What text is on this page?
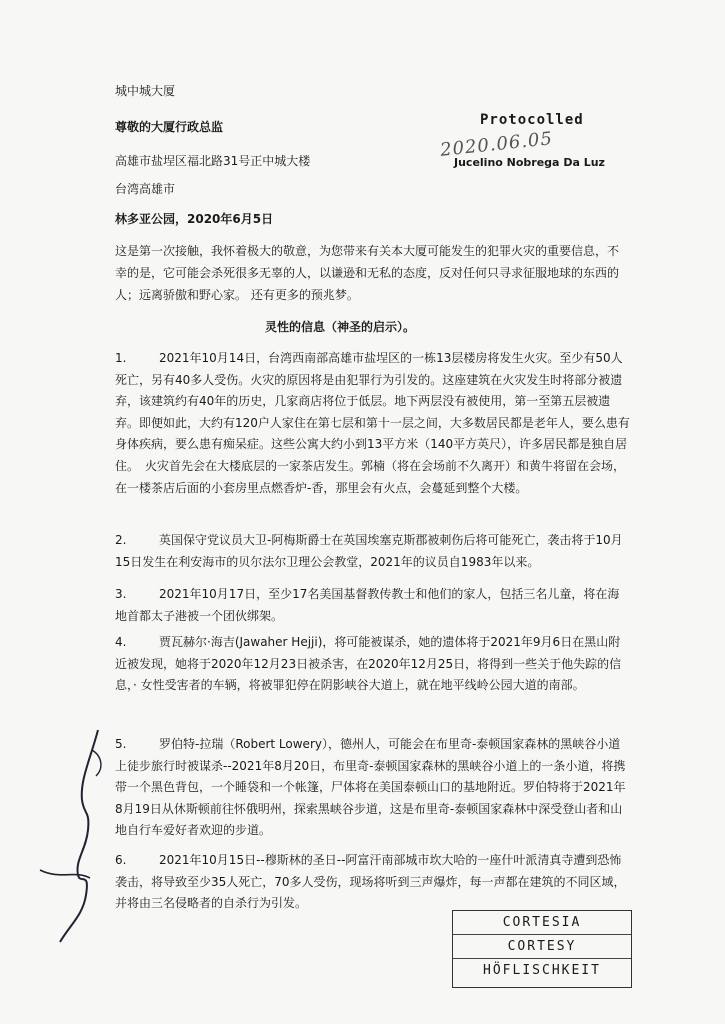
城中城大厦
尊敬的大厦行政总监
高雄市盐埕区福北路31号正中城大楼
台湾高雄市
林多亚公园，2020年6月5日
这是第一次接触，我怀着极大的敬意，为您带来有关本大厦可能发生的犯罪火灾的重要信息，不幸的是，它可能会杀死很多无辜的人，以谦逊和无私的态度，反对任何只寻求征服地球的东西的人；远离骄傲和野心家。 还有更多的预兆梦。
灵性的信息（神圣的启示）。
1.	2021年10月14日，台湾西南部高雄市盐埕区的一栋13层楼房将发生火灾。至少有50人死亡，另有40多人受伤。火灾的原因将是由犯罪行为引发的。这座建筑在火灾发生时将部分被遗弃，该建筑约有40年的历史，几家商店将位于低层。地下两层没有被使用，第一至第五层被遗弃。即便如此，大约有120户人家住在第七层和第十一层之间，大多数居民都是老年人，要么患有身体疾病，要么患有痴呆症。这些公寓大约小到13平方米（140平方英尺），许多居民都是独自居住。　火灾首先会在大楼底层的一家茶店发生。郭楠（将在会场前不久离开）和黄牛将留在会场，在一楼茶店后面的小套房里点燃香炉-香，那里会有火点，会蔓延到整个大楼。
2.	英国保守党议员大卫-阿梅斯爵士在英国埃塞克斯郡被刺伤后将可能死亡，袭击将于10月15日发生在利安海市的贝尔法尔卫理公会教堂，2021年的议员自1983年以来。
3.	2021年10月17日，至少17名美国基督教传教士和他们的家人，包括三名儿童，将在海地首都太子港被一个团伙绑架。
4.	贾瓦赫尔·海吉(Jawaher Hejji)，将可能被谋杀，她的遗体将于2021年9月6日在黑山附近被发现，她将于2020年12月23日被杀害，在2020年12月25日，将得到一些关于他失踪的信息，· 女性受害者的车辆，将被罪犯停在阴影峡谷大道上，就在地平线岭公园大道的南部。
5.	罗伯特-拉瑞（Robert Lowery），德州人，可能会在布里奇-泰顿国家森林的黑峡谷小道上徒步旅行时被谋杀--2021年8月20日，布里奇-泰顿国家森林的黑峡谷小道上的一条小道，将携带一个黑色背包，一个睡袋和一个帐篷，尸体将在美国泰顿山口的基地附近。罗伯特将于2021年8月19日从休斯顿前往怀俄明州，探索黑峡谷步道，这是布里奇-泰顿国家森林中深受登山者和山地自行车爱好者欢迎的步道。
6.	2021年10月15日--穆斯林的圣日--阿富汗南部城市坎大哈的一座什叶派清真寺遭到恐怖袭击，将导致至少35人死亡，70多人受伤，现场将听到三声爆炸，每一声都在建筑的不同区域，并将由三名侵略者的自杀行为引发。
Protocolled
2020.06.05
Jucelino Nobrega Da Luz
CORTESIA
CORTESY
HÖFLISCHKEIT
